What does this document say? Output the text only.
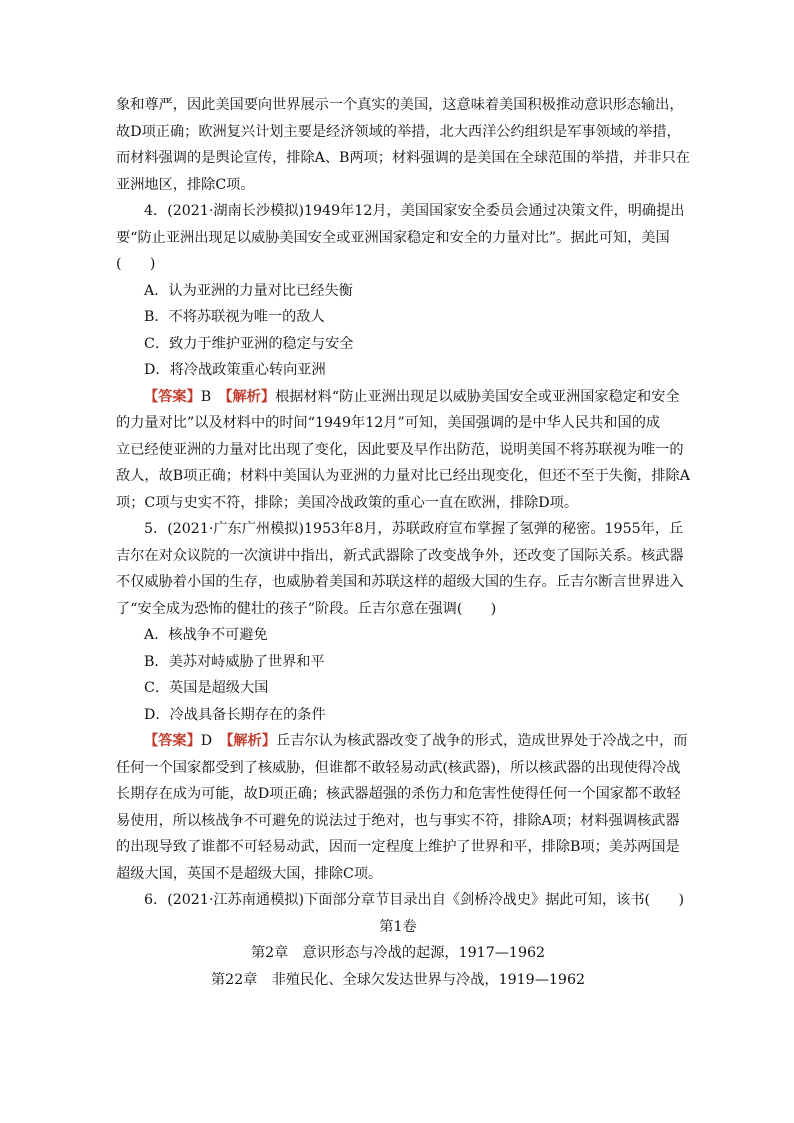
象和尊严，因此美国要向世界展示一个真实的美国，这意味着美国积极推动意识形态输出，

故D项正确；欧洲复兴计划主要是经济领域的举措，北大西洋公约组织是军事领域的举措，

而材料强调的是舆论宣传，排除A、B两项；材料强调的是美国在全球范围的举措，并非只在

亚洲地区，排除C项。

4．(2021·湖南长沙模拟)1949年12月，美国国家安全委员会通过决策文件，明确提出

要“防止亚洲出现足以威胁美国安全或亚洲国家稳定和安全的力量对比”。据此可知，美国

(　　)

A．认为亚洲的力量对比已经失衡

B．不将苏联视为唯一的敌人

C．致力于维护亚洲的稳定与安全

D．将冷战政策重心转向亚洲

【答案】B　 【解析】根据材料“防止亚洲出现足以威胁美国安全或亚洲国家稳定和安全

的力量对比”以及材料中的时间“1949年12月”可知，美国强调的是中华人民共和国的成

立已经使亚洲的力量对比出现了变化，因此要及早作出防范，说明美国不将苏联视为唯一的

敌人，故B项正确；材料中美国认为亚洲的力量对比已经出现变化，但还不至于失衡，排除A

项；C项与史实不符，排除；美国冷战政策的重心一直在欧洲，排除D项。

5．(2021·广东广州模拟)1953年8月，苏联政府宣布掌握了氢弹的秘密。1955年，丘

吉尔在对众议院的一次演讲中指出，新式武器除了改变战争外，还改变了国际关系。核武器

不仅威胁着小国的生存，也威胁着美国和苏联这样的超级大国的生存。丘吉尔断言世界进入

了“安全成为恐怖的健壮的孩子”阶段。丘吉尔意在强调(　　)

A．核战争不可避免

B．美苏对峙威胁了世界和平

C．英国是超级大国

D．冷战具备长期存在的条件

【答案】D　 【解析】丘吉尔认为核武器改变了战争的形式，造成世界处于冷战之中，而

任何一个国家都受到了核威胁，但谁都不敢轻易动武(核武器)，所以核武器的出现使得冷战

长期存在成为可能，故D项正确；核武器超强的杀伤力和危害性使得任何一个国家都不敢轻

易使用，所以核战争不可避免的说法过于绝对，也与事实不符，排除A项；材料强调核武器

的出现导致了谁都不可轻易动武，因而一定程度上维护了世界和平，排除B项；美苏两国是

超级大国，英国不是超级大国，排除C项。

6．(2021·江苏南通模拟)下面部分章节目录出自《剑桥冷战史》据此可知，该书(　　)

第1卷

第2章　意识形态与冷战的起源，1917—1962

第22章　非殖民化、全球欠发达世界与冷战，1919—1962
